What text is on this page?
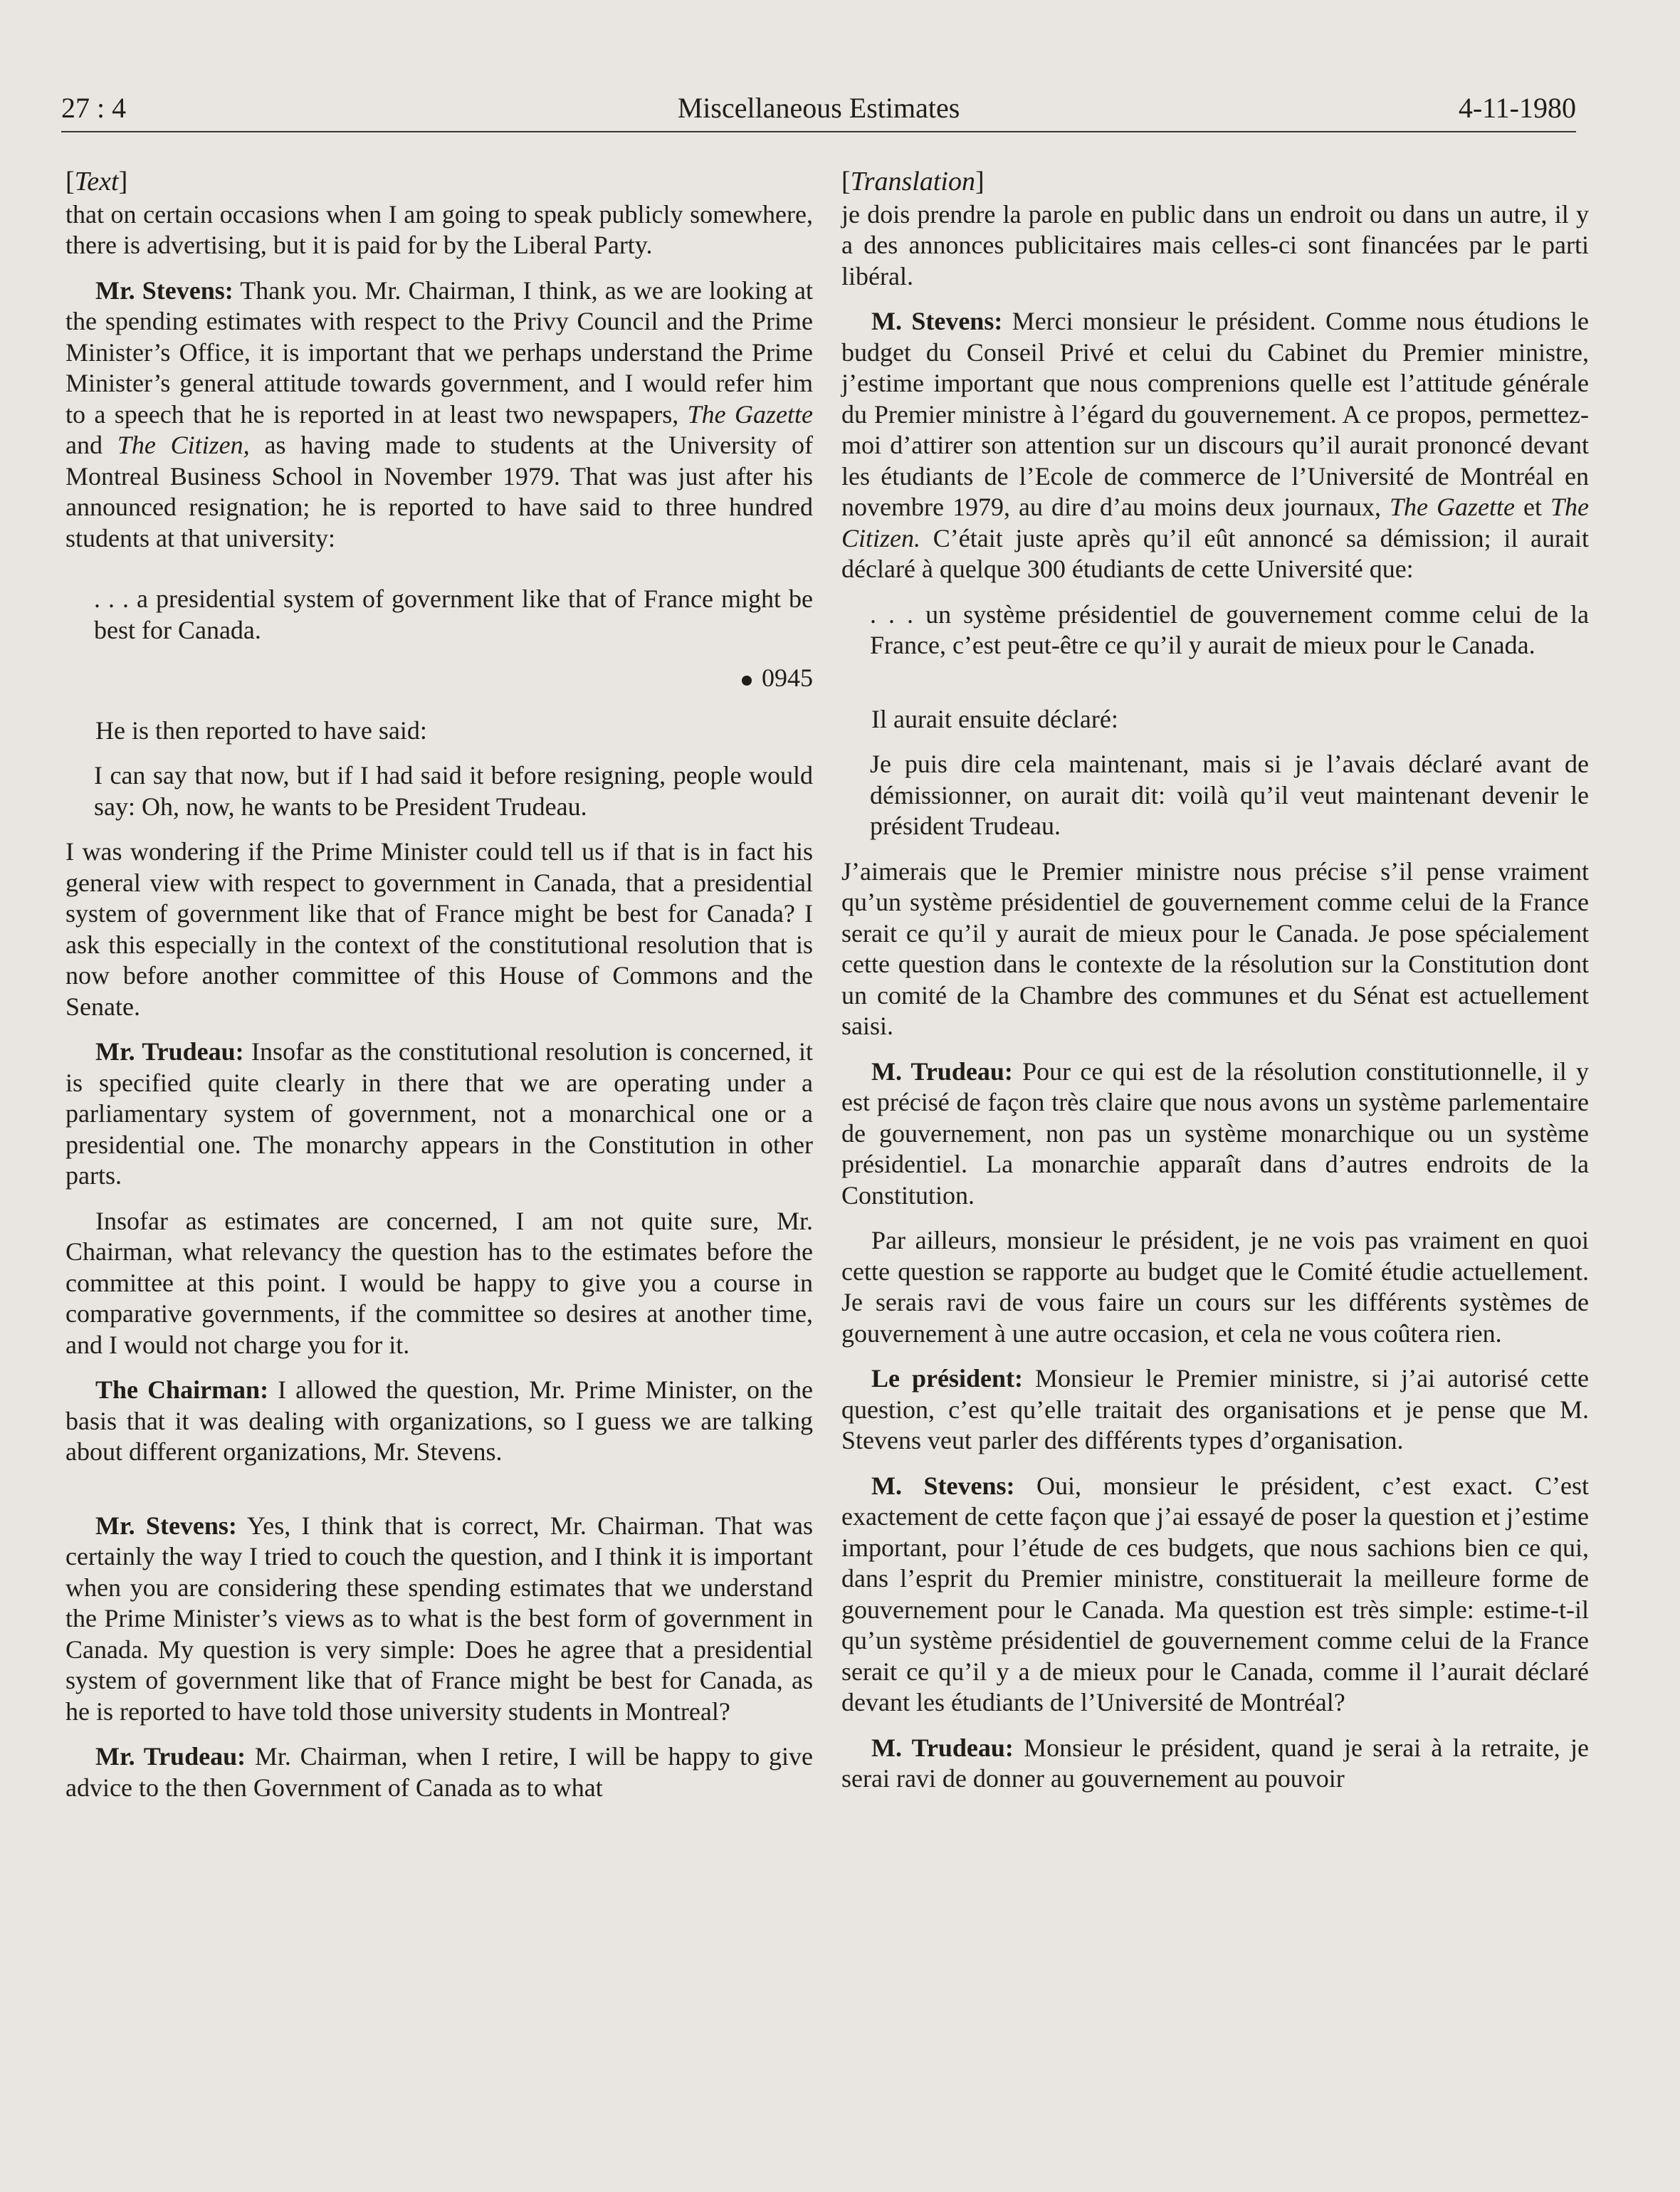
27 : 4	Miscellaneous Estimates	4-11-1980
[Text]

that on certain occasions when I am going to speak publicly somewhere, there is advertising, but it is paid for by the Liberal Party.

Mr. Stevens: Thank you. Mr. Chairman, I think, as we are looking at the spending estimates with respect to the Privy Council and the Prime Minister’s Office, it is important that we perhaps understand the Prime Minister’s general attitude towards government, and I would refer him to a speech that he is reported in at least two newspapers, The Gazette and The Citizen, as having made to students at the University of Montreal Business School in November 1979. That was just after his announced resignation; he is reported to have said to three hundred students at that university:

. . . a presidential system of government like that of France might be best for Canada.

0945

He is then reported to have said:

I can say that now, but if I had said it before resigning, people would say: Oh, now, he wants to be President Trudeau.

I was wondering if the Prime Minister could tell us if that is in fact his general view with respect to government in Canada, that a presidential system of government like that of France might be best for Canada? I ask this especially in the context of the constitutional resolution that is now before another committee of this House of Commons and the Senate.

Mr. Trudeau: Insofar as the constitutional resolution is concerned, it is specified quite clearly in there that we are operating under a parliamentary system of government, not a monarchical one or a presidential one. The monarchy appears in the Constitution in other parts.

Insofar as estimates are concerned, I am not quite sure, Mr. Chairman, what relevancy the question has to the estimates before the committee at this point. I would be happy to give you a course in comparative governments, if the committee so desires at another time, and I would not charge you for it.

The Chairman: I allowed the question, Mr. Prime Minister, on the basis that it was dealing with organizations, so I guess we are talking about different organizations, Mr. Stevens.

Mr. Stevens: Yes, I think that is correct, Mr. Chairman. That was certainly the way I tried to couch the question, and I think it is important when you are considering these spending estimates that we understand the Prime Minister’s views as to what is the best form of government in Canada. My question is very simple: Does he agree that a presidential system of government like that of France might be best for Canada, as he is reported to have told those university students in Montreal?

Mr. Trudeau: Mr. Chairman, when I retire, I will be happy to give advice to the then Government of Canada as to what

[Translation]

je dois prendre la parole en public dans un endroit ou dans un autre, il y a des annonces publicitaires mais celles-ci sont financées par le parti libéral.

M. Stevens: Merci monsieur le président. Comme nous étudions le budget du Conseil Privé et celui du Cabinet du Premier ministre, j’estime important que nous comprenions quelle est l’attitude générale du Premier ministre à l’égard du gouvernement. A ce propos, permettez-moi d’attirer son attention sur un discours qu’il aurait prononcé devant les étudiants de l’Ecole de commerce de l’Université de Montréal en novembre 1979, au dire d’au moins deux journaux, The Gazette et The Citizen. C’était juste après qu’il eût annoncé sa démission; il aurait déclaré à quelque 300 étudiants de cette Université que:

. . . un système présidentiel de gouvernement comme celui de la France, c’est peut-être ce qu’il y aurait de mieux pour le Canada.

Il aurait ensuite déclaré:

Je puis dire cela maintenant, mais si je l’avais déclaré avant de démissionner, on aurait dit: voilà qu’il veut maintenant devenir le président Trudeau.

J’aimerais que le Premier ministre nous précise s’il pense vraiment qu’un système présidentiel de gouvernement comme celui de la France serait ce qu’il y aurait de mieux pour le Canada. Je pose spécialement cette question dans le contexte de la résolution sur la Constitution dont un comité de la Chambre des communes et du Sénat est actuellement saisi.

M. Trudeau: Pour ce qui est de la résolution constitutionnelle, il y est précisé de façon très claire que nous avons un système parlementaire de gouvernement, non pas un système monarchique ou un système présidentiel. La monarchie apparaît dans d’autres endroits de la Constitution.

Par ailleurs, monsieur le président, je ne vois pas vraiment en quoi cette question se rapporte au budget que le Comité étudie actuellement. Je serais ravi de vous faire un cours sur les différents systèmes de gouvernement à une autre occasion, et cela ne vous coûtera rien.

Le président: Monsieur le Premier ministre, si j’ai autorisé cette question, c’est qu’elle traitait des organisations et je pense que M. Stevens veut parler des différents types d’organisation.

M. Stevens: Oui, monsieur le président, c’est exact. C’est exactement de cette façon que j’ai essayé de poser la question et j’estime important, pour l’étude de ces budgets, que nous sachions bien ce qui, dans l’esprit du Premier ministre, constituerait la meilleure forme de gouvernement pour le Canada. Ma question est très simple: estime-t-il qu’un système présidentiel de gouvernement comme celui de la France serait ce qu’il y a de mieux pour le Canada, comme il l’aurait déclaré devant les étudiants de l’Université de Montréal?

M. Trudeau: Monsieur le président, quand je serai à la retraite, je serai ravi de donner au gouvernement au pouvoir
